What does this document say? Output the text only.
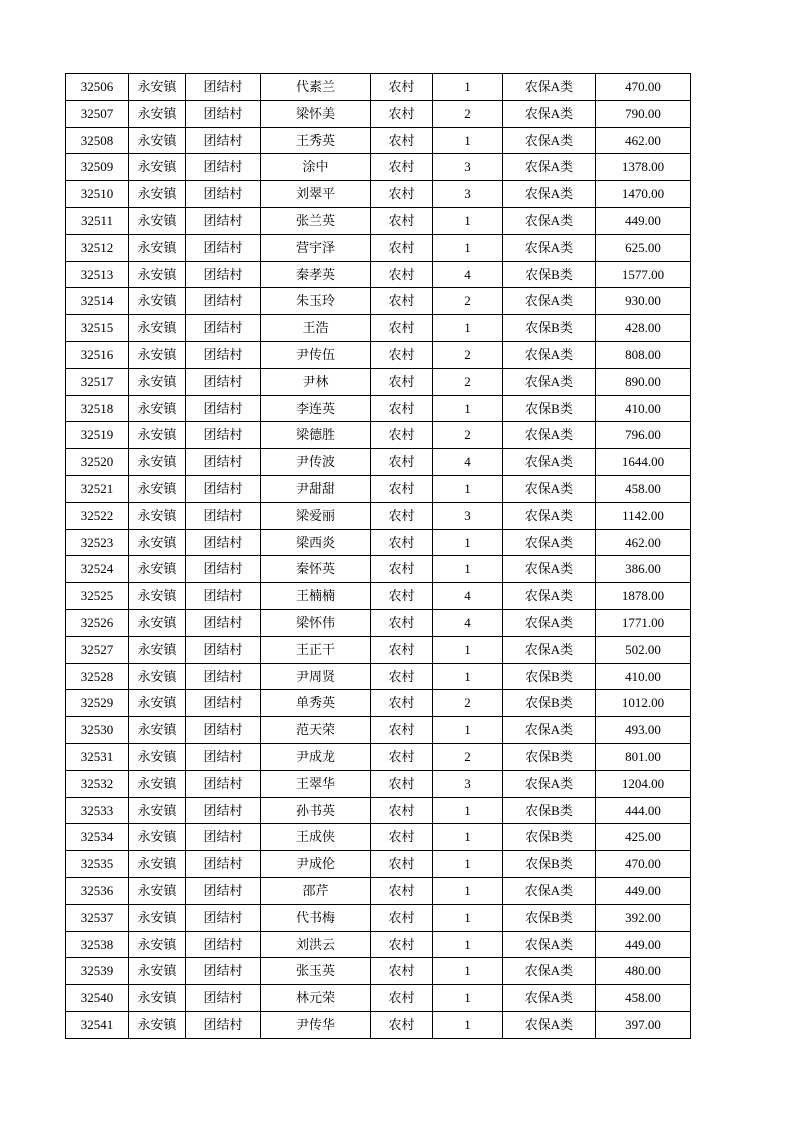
32506	永安镇	团结村	代素兰	农村	1	农保A类	470.00
32507	永安镇	团结村	梁怀美	农村	2	农保A类	790.00
32508	永安镇	团结村	王秀英	农村	1	农保A类	462.00
32509	永安镇	团结村	涂中	农村	3	农保A类	1378.00
32510	永安镇	团结村	刘翠平	农村	3	农保A类	1470.00
32511	永安镇	团结村	张兰英	农村	1	农保A类	449.00
32512	永安镇	团结村	营宇泽	农村	1	农保A类	625.00
32513	永安镇	团结村	秦孝英	农村	4	农保B类	1577.00
32514	永安镇	团结村	朱玉玲	农村	2	农保A类	930.00
32515	永安镇	团结村	王浩	农村	1	农保B类	428.00
32516	永安镇	团结村	尹传伍	农村	2	农保A类	808.00
32517	永安镇	团结村	尹林	农村	2	农保A类	890.00
32518	永安镇	团结村	李连英	农村	1	农保B类	410.00
32519	永安镇	团结村	梁德胜	农村	2	农保A类	796.00
32520	永安镇	团结村	尹传波	农村	4	农保A类	1644.00
32521	永安镇	团结村	尹甜甜	农村	1	农保A类	458.00
32522	永安镇	团结村	梁爱丽	农村	3	农保A类	1142.00
32523	永安镇	团结村	梁西炎	农村	1	农保A类	462.00
32524	永安镇	团结村	秦怀英	农村	1	农保A类	386.00
32525	永安镇	团结村	王楠楠	农村	4	农保A类	1878.00
32526	永安镇	团结村	梁怀伟	农村	4	农保A类	1771.00
32527	永安镇	团结村	王正干	农村	1	农保A类	502.00
32528	永安镇	团结村	尹周贤	农村	1	农保B类	410.00
32529	永安镇	团结村	单秀英	农村	2	农保B类	1012.00
32530	永安镇	团结村	范天荣	农村	1	农保A类	493.00
32531	永安镇	团结村	尹成龙	农村	2	农保B类	801.00
32532	永安镇	团结村	王翠华	农村	3	农保A类	1204.00
32533	永安镇	团结村	孙书英	农村	1	农保B类	444.00
32534	永安镇	团结村	王成侠	农村	1	农保B类	425.00
32535	永安镇	团结村	尹成伦	农村	1	农保B类	470.00
32536	永安镇	团结村	邵芹	农村	1	农保A类	449.00
32537	永安镇	团结村	代书梅	农村	1	农保B类	392.00
32538	永安镇	团结村	刘洪云	农村	1	农保A类	449.00
32539	永安镇	团结村	张玉英	农村	1	农保A类	480.00
32540	永安镇	团结村	林元荣	农村	1	农保A类	458.00
32541	永安镇	团结村	尹传华	农村	1	农保A类	397.00
